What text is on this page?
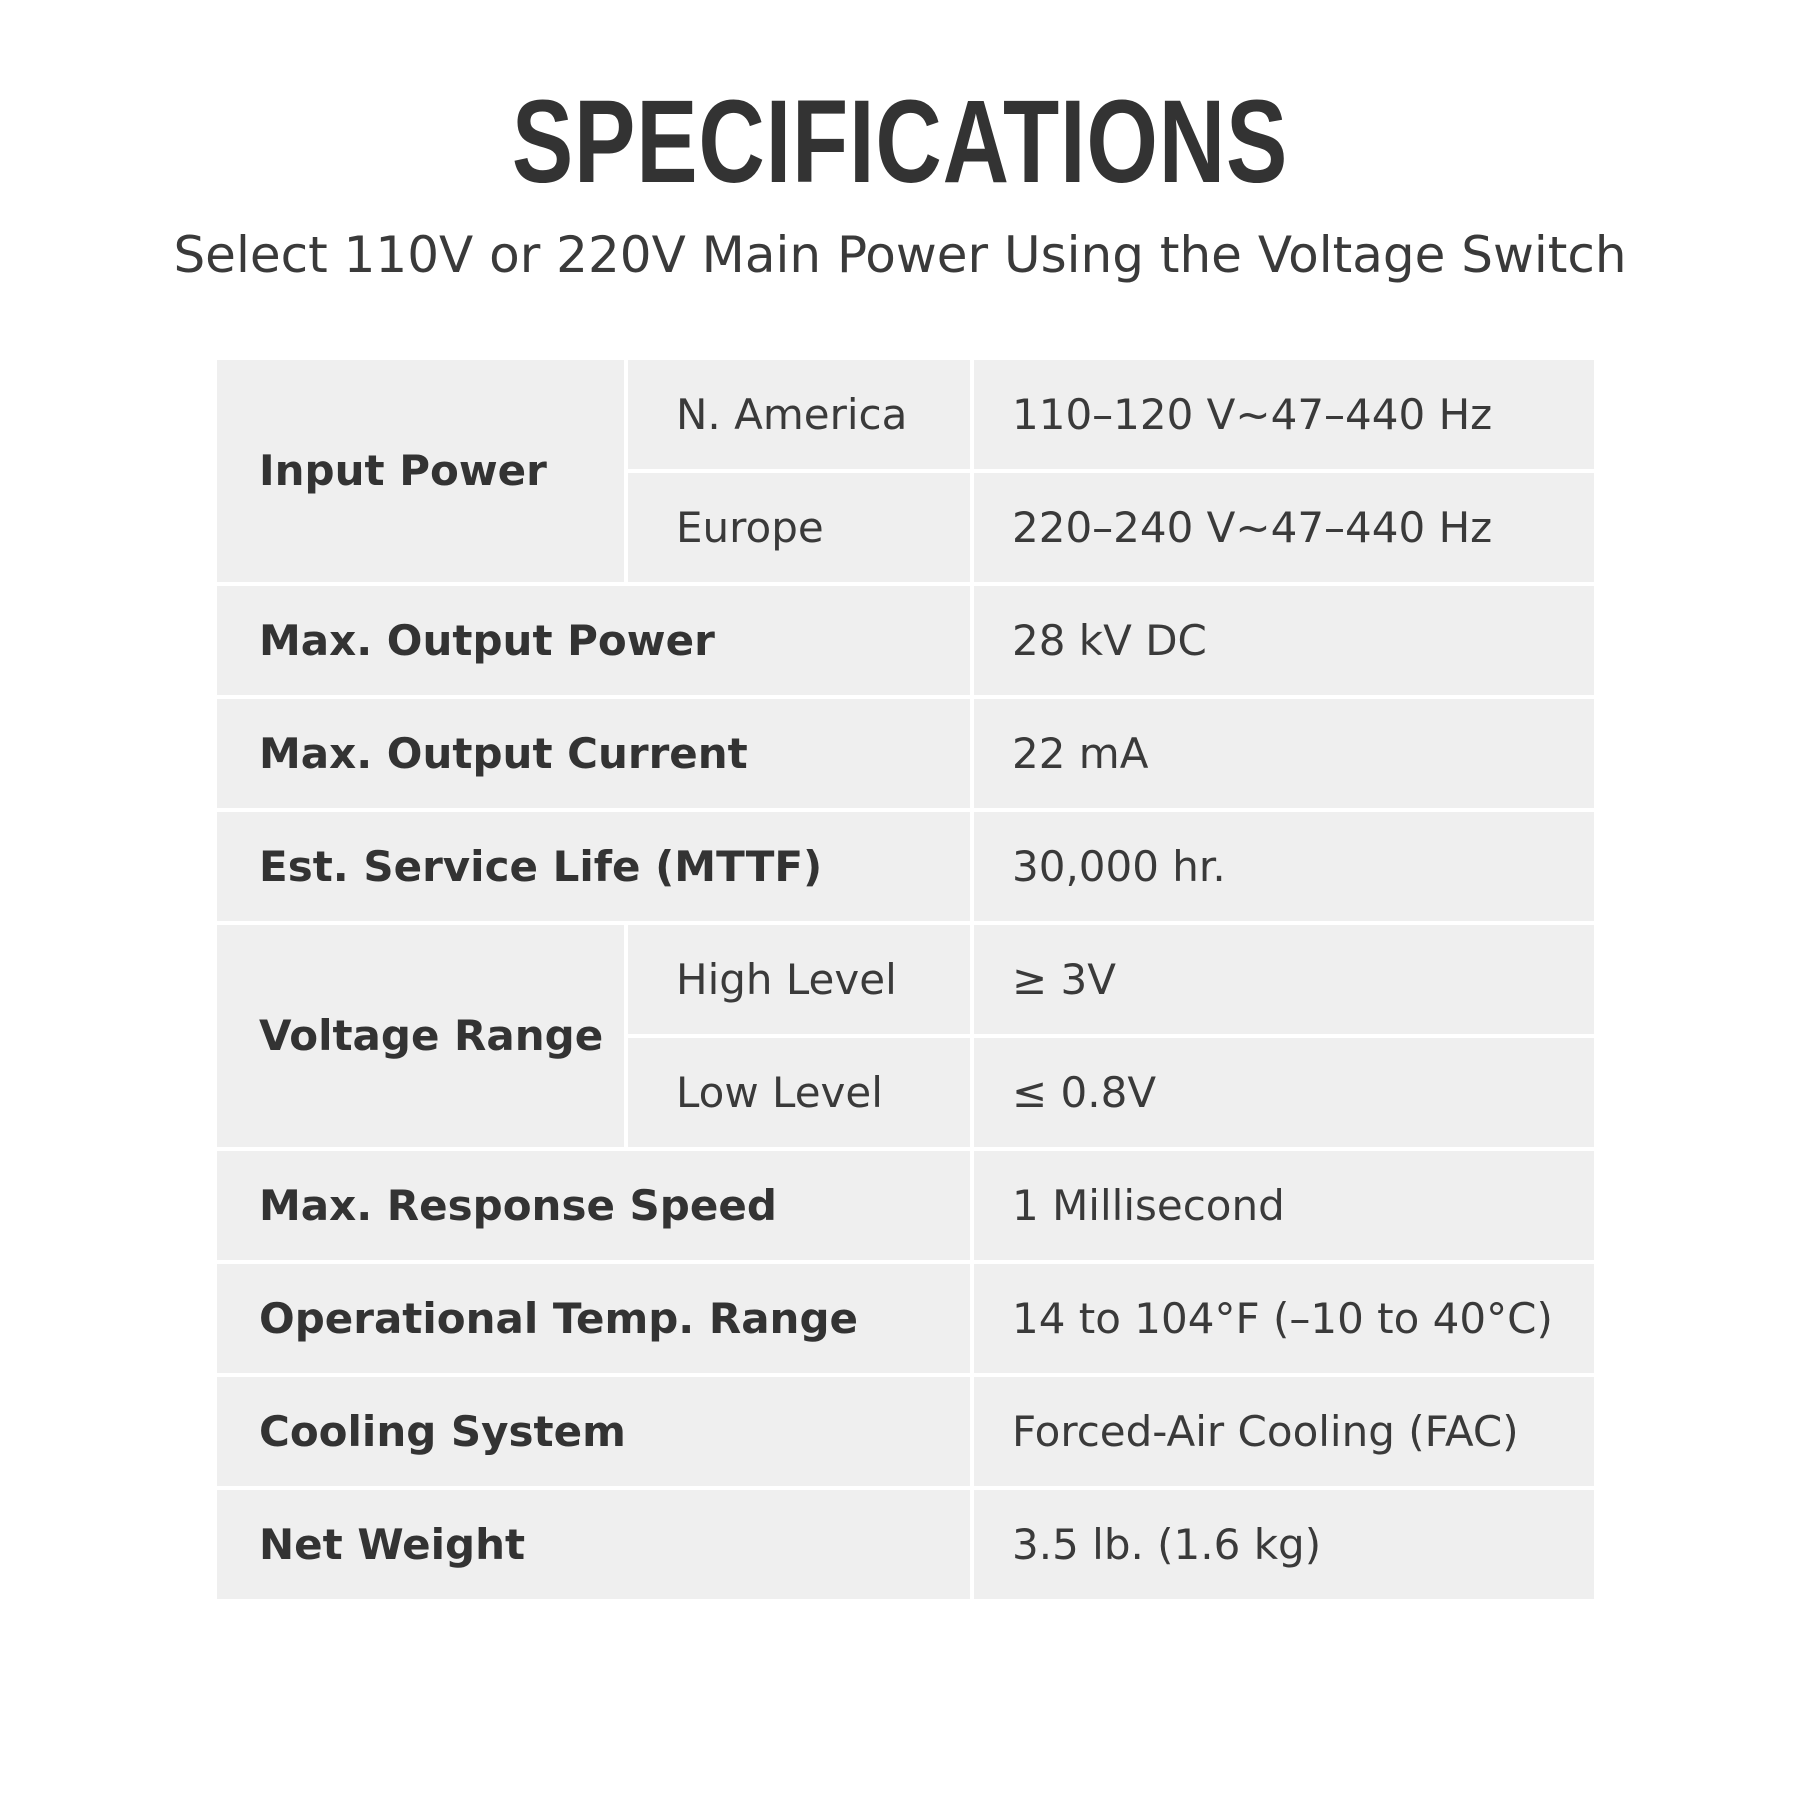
SPECIFICATIONS

Select 110V or 220V Main Power Using the Voltage Switch

Input Power	N. America	110–120 V~47–440 Hz
	Europe	220–240 V~47–440 Hz
Max. Output Power		28 kV DC
Max. Output Current		22 mA
Est. Service Life (MTTF)		30,000 hr.
Voltage Range	High Level	≥ 3V
	Low Level	≤ 0.8V
Max. Response Speed		1 Millisecond
Operational Temp. Range		14 to 104°F (–10 to 40°C)
Cooling System		Forced-Air Cooling (FAC)
Net Weight		3.5 lb. (1.6 kg)
